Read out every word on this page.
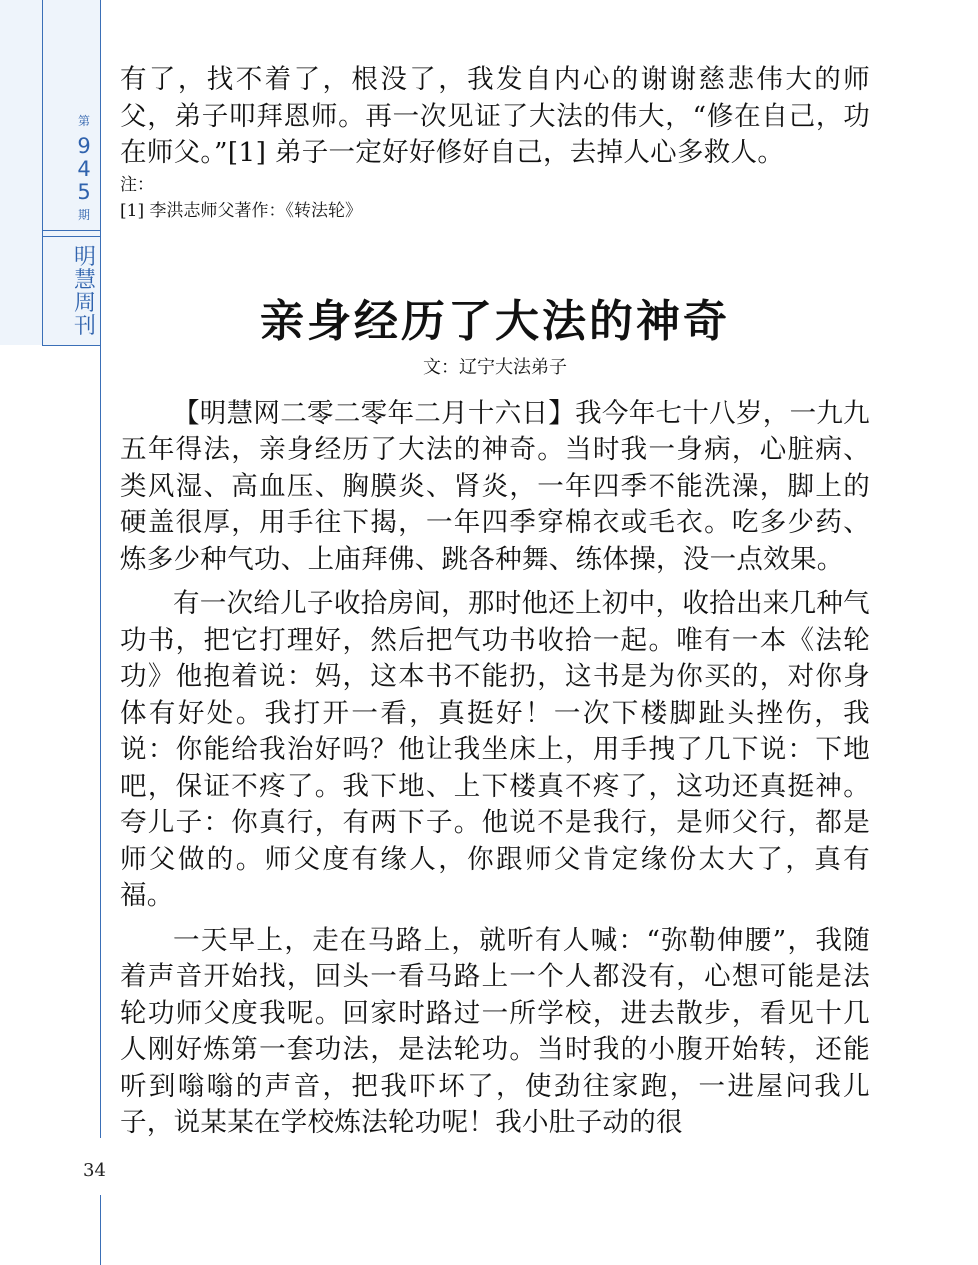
第
9
4
5
期
明
慧
周
刊
34

有了，找不着了，根没了，我发自内心的谢谢慈悲伟大的师父，弟子叩拜恩师。再一次见证了大法的伟大，“修在自己，功在师父。”[1] 弟子一定好好修好自己，去掉人心多救人。

注：

[1] 李洪志师父著作：《转法轮》

亲身经历了大法的神奇
文：辽宁大法弟子

【明慧网二零二零年二月十六日】我今年七十八岁，一九九五年得法，亲身经历了大法的神奇。当时我一身病，心脏病、类风湿、高血压、胸膜炎、肾炎，一年四季不能洗澡，脚上的硬盖很厚，用手往下揭，一年四季穿棉衣或毛衣。吃多少药、炼多少种气功、上庙拜佛、跳各种舞、练体操，没一点效果。

有一次给儿子收拾房间，那时他还上初中，收拾出来几种气功书，把它打理好，然后把气功书收拾一起。唯有一本《法轮功》他抱着说：妈，这本书不能扔，这书是为你买的，对你身体有好处。我打开一看，真挺好！一次下楼脚趾头挫伤，我说：你能给我治好吗？他让我坐床上，用手拽了几下说：下地吧，保证不疼了。我下地、上下楼真不疼了，这功还真挺神。夸儿子：你真行，有两下子。他说不是我行，是师父行，都是师父做的。师父度有缘人，你跟师父肯定缘份太大了，真有福。

一天早上，走在马路上，就听有人喊：“弥勒伸腰”，我随着声音开始找，回头一看马路上一个人都没有，心想可能是法轮功师父度我呢。回家时路过一所学校，进去散步，看见十几人刚好炼第一套功法，是法轮功。当时我的小腹开始转，还能听到嗡嗡的声音，把我吓坏了，使劲往家跑，一进屋问我儿子，说某某在学校炼法轮功呢！我小肚子动的很
